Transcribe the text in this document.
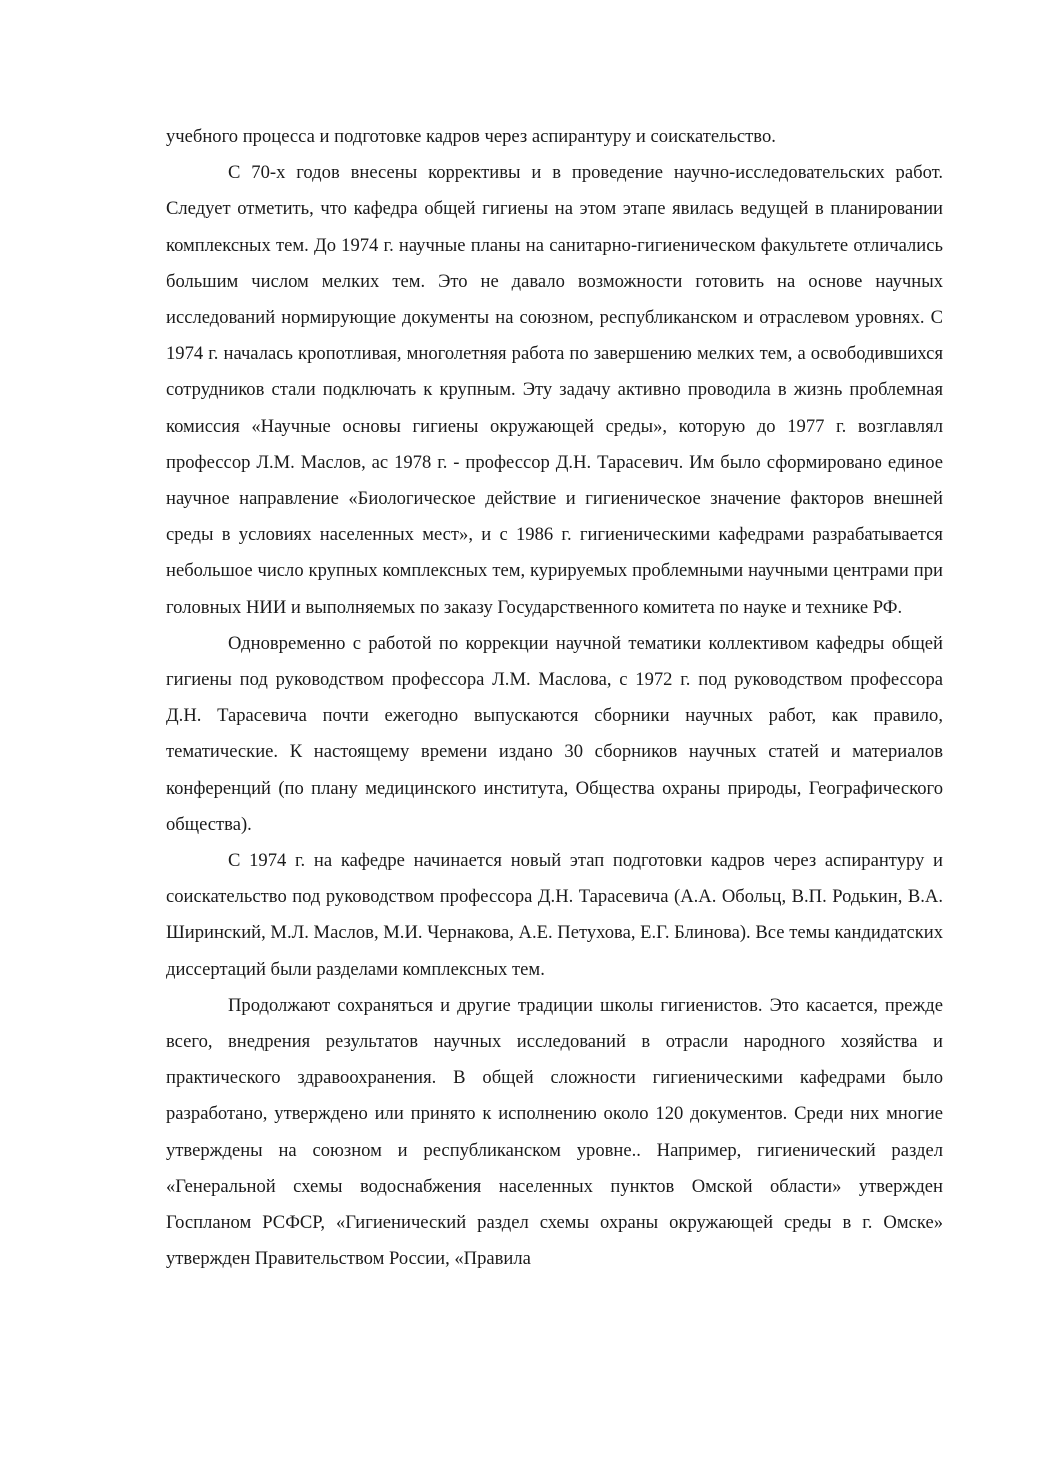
учебного процесса и подготовке кадров через аспирантуру и соискательство.

С 70-х годов внесены коррективы и в проведение научно-исследовательских работ. Следует отметить, что кафедра общей гигиены на этом этапе явилась ведущей в планировании комплексных тем. До 1974 г. научные планы на санитарно-гигиеническом факультете отличались большим числом мелких тем. Это не давало возможности готовить на основе научных исследований нормирующие документы на союзном, республиканском и отраслевом уровнях. С 1974 г. началась кропотливая, многолетняя работа по завершению мелких тем, а освободившихся сотрудников стали подключать к крупным. Эту задачу активно проводила в жизнь проблемная комиссия «Научные основы гигиены окружающей среды», которую до 1977 г. возглавлял профессор Л.М. Маслов, ас 1978 г. - профессор Д.Н. Тарасевич. Им было сформировано единое научное направление «Биологическое действие и гигиеническое значение факторов внешней среды в условиях населенных мест», и с 1986 г. гигиеническими кафедрами разрабатывается небольшое число крупных комплексных тем, курируемых проблемными научными центрами при головных НИИ и выполняемых по заказу Государственного комитета по науке и технике РФ.

Одновременно с работой по коррекции научной тематики коллективом кафедры общей гигиены под руководством профессора Л.М. Маслова, с 1972 г. под руководством профессора Д.Н. Тарасевича почти ежегодно выпускаются сборники научных работ, как правило, тематические. К настоящему времени издано 30 сборников научных статей и материалов конференций (по плану медицинского института, Общества охраны природы, Географического общества).

С 1974 г. на кафедре начинается новый этап подготовки кадров через аспирантуру и соискательство под руководством профессора Д.Н. Тарасевича (А.А. Обольц, В.П. Родькин, В.А. Ширинский, М.Л. Маслов, М.И. Чернакова, А.Е. Петухова, Е.Г. Блинова). Все темы кандидатских диссертаций были разделами комплексных тем.

Продолжают сохраняться и другие традиции школы гигиенистов. Это касается, прежде всего, внедрения результатов научных исследований в отрасли народного хозяйства и практического здравоохранения. В общей сложности гигиеническими кафедрами было разработано, утверждено или принято к исполнению около 120 документов. Среди них многие утверждены на союзном и республиканском уровне.. Например, гигиенический раздел «Генеральной схемы водоснабжения населенных пунктов Омской области» утвержден Госпланом РСФСР, «Гигиенический раздел схемы охраны окружающей среды в г. Омске» утвержден Правительством России, «Правила
